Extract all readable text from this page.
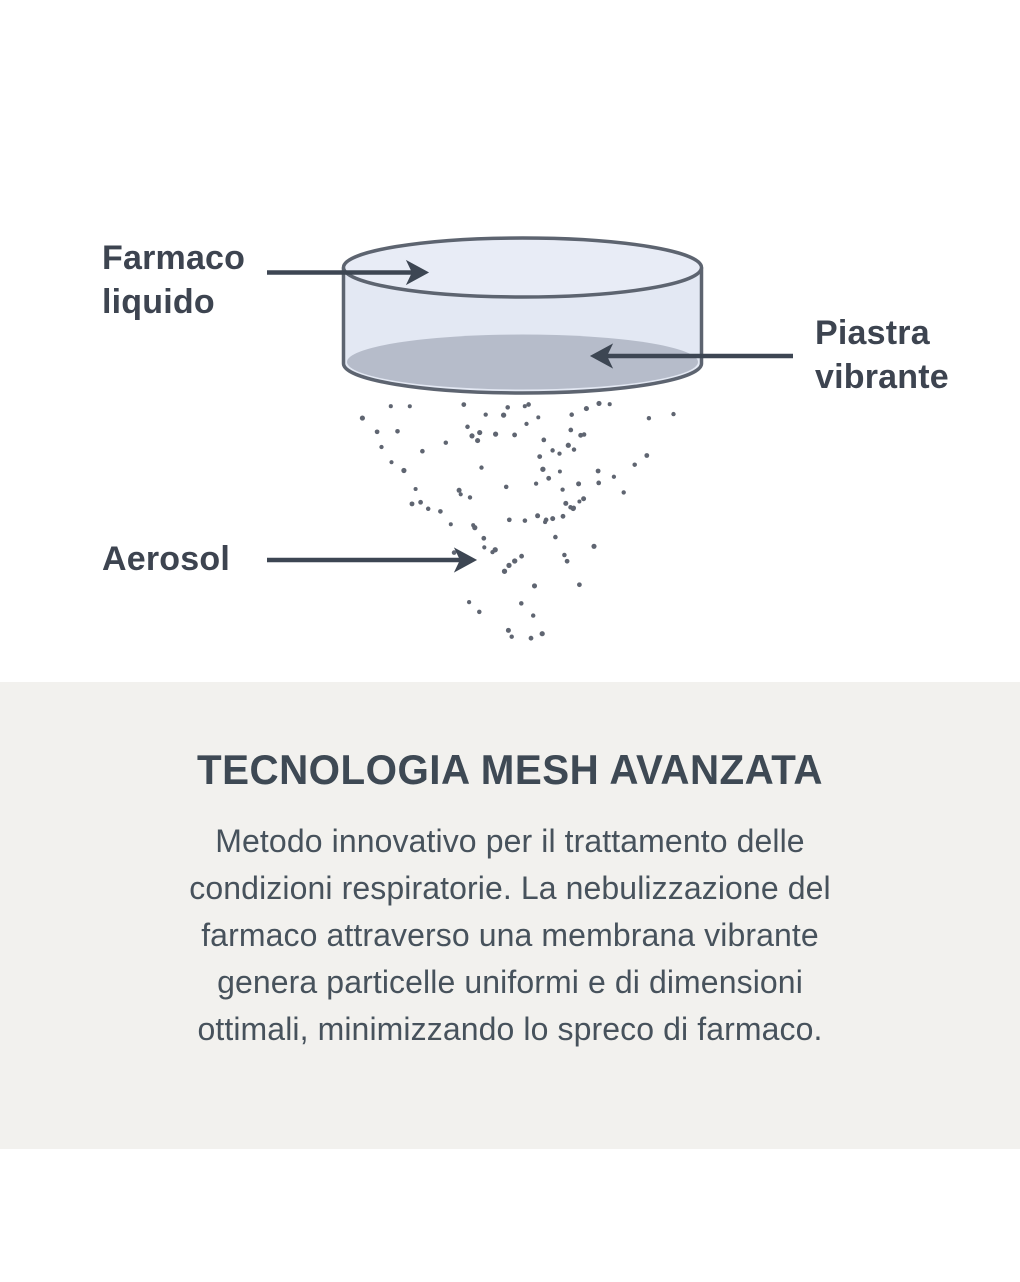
Farmaco
liquido
Piastra
vibrante
Aerosol
TECNOLOGIA MESH AVANZATA
Metodo innovativo per il trattamento delle
condizioni respiratorie. La nebulizzazione del
farmaco attraverso una membrana vibrante
genera particelle uniformi e di dimensioni
ottimali, minimizzando lo spreco di farmaco.
